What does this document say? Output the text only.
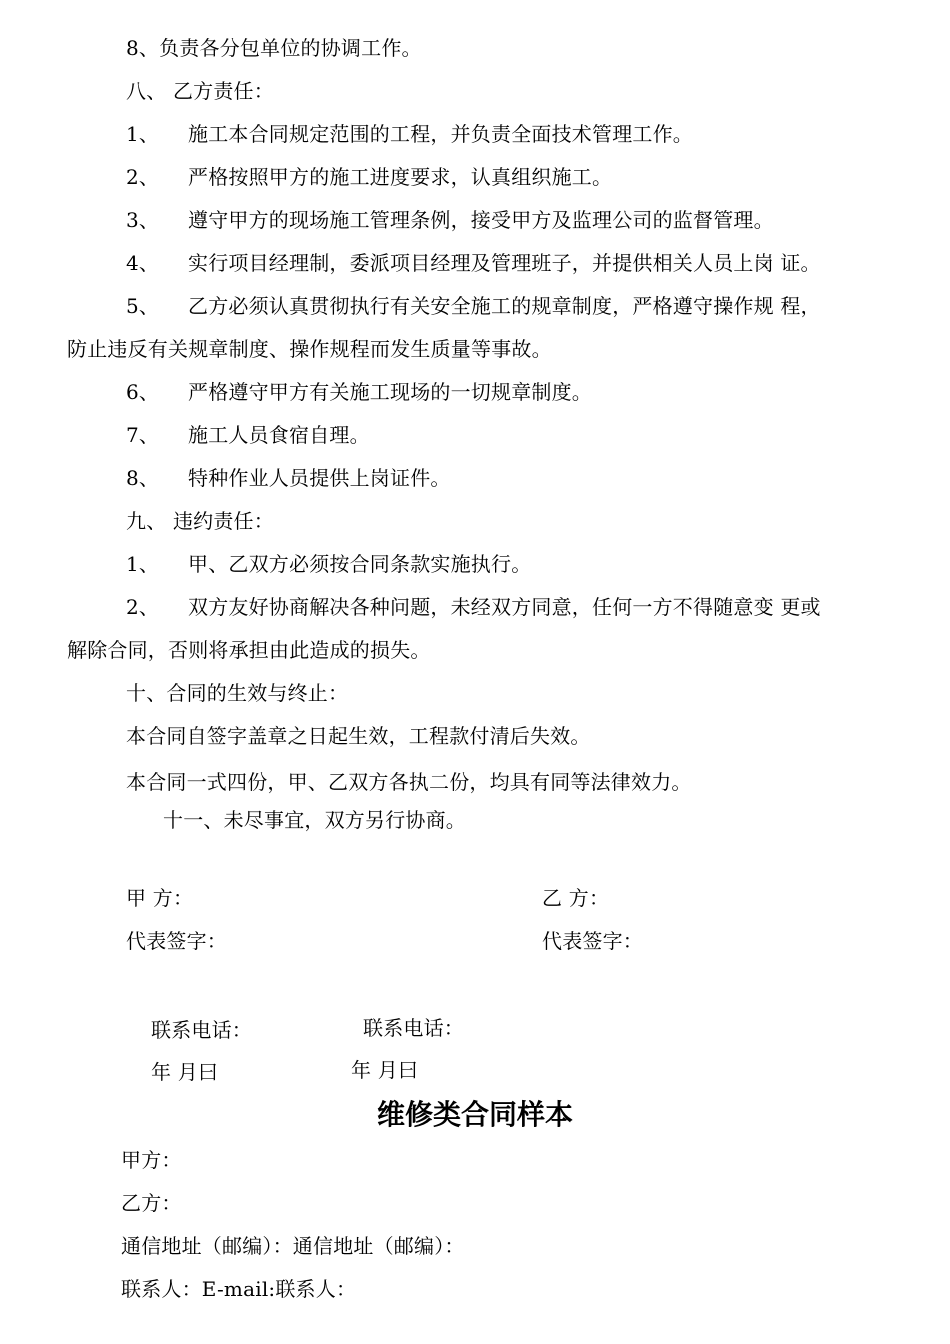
8、负责各分包单位的协调工作。
八、 乙方责任：
1、 施工本合同规定范围的工程，并负责全面技术管理工作。
2、 严格按照甲方的施工进度要求，认真组织施工。
3、 遵守甲方的现场施工管理条例，接受甲方及监理公司的监督管理。
4、 实行项目经理制，委派项目经理及管理班子，并提供相关人员上岗 证。
5、 乙方必须认真贯彻执行有关安全施工的规章制度，严格遵守操作规 程，
防止违反有关规章制度、操作规程而发生质量等事故。
6、 严格遵守甲方有关施工现场的一切规章制度。
7、 施工人员食宿自理。
8、 特种作业人员提供上岗证件。
九、 违约责任：
1、 甲、乙双方必须按合同条款实施执行。
2、 双方友好协商解决各种问题，未经双方同意，任何一方不得随意变 更或
解除合同，否则将承担由此造成的损失。
十、合同的生效与终止：
本合同自签字盖章之日起生效，工程款付清后失效。
本合同一式四份，甲、乙双方各执二份，均具有同等法律效力。
十一、未尽事宜，双方另行协商。
甲 方：	乙 方：
代表签字：	代表签字：
联系电话：	联系电话：
年 月曰	年 月曰
维修类合同样本
甲方：
乙方：
通信地址（邮编）：通信地址（邮编）：
联系人：E-mail:联系人：
